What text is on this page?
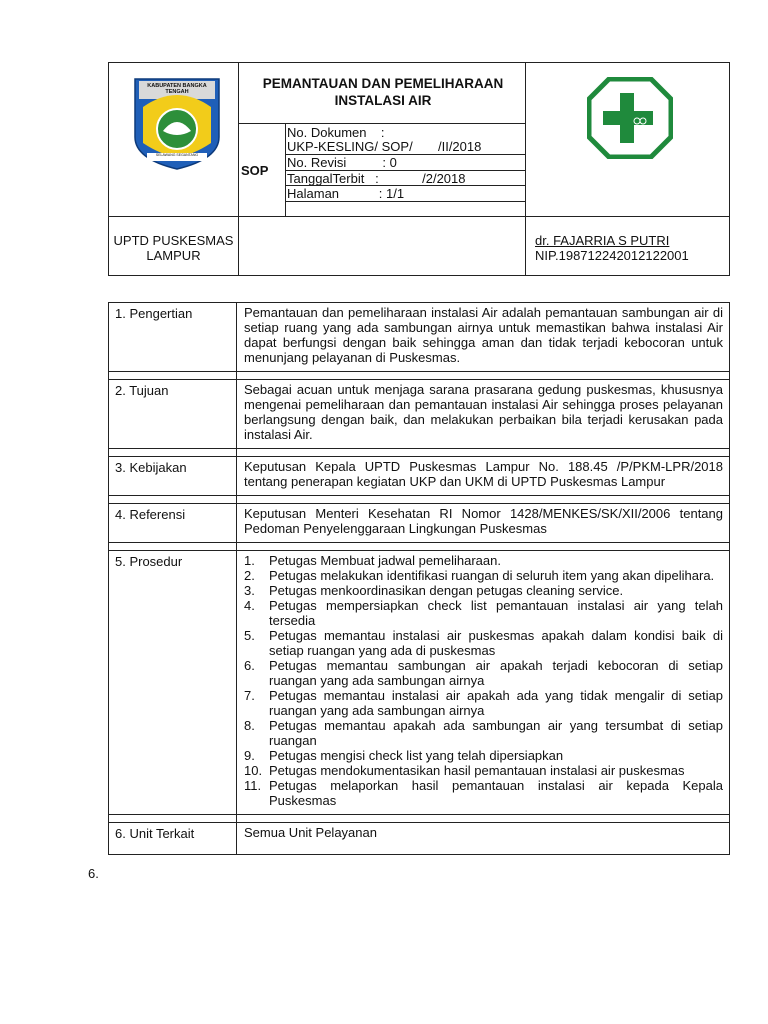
KABUPATEN BANGKA TENGAH
SELAWANG SEGANTANG
PEMANTAUAN DAN PEMELIHARAAN INSTALASI AIR
SOP
No. Dokumen    :
UKP-KESLING/ SOP/       /II/2018
No. Revisi          : 0
TanggalTerbit   :            /2/2018
Halaman           : 1/1
UPTD PUSKESMAS LAMPUR
dr. FAJARRIA S PUTRI
NIP.198712242012122001
1. Pengertian	Pemantauan dan pemeliharaan instalasi Air adalah pemantauan sambungan air di setiap ruang yang ada sambungan airnya untuk memastikan bahwa instalasi Air dapat berfungsi dengan baik sehingga aman dan tidak terjadi kebocoran untuk menunjang pelayanan di Puskesmas.
2. Tujuan	Sebagai acuan untuk menjaga sarana prasarana gedung puskesmas, khususnya mengenai pemeliharaan dan pemantauan instalasi Air sehingga proses pelayanan berlangsung dengan baik, dan melakukan perbaikan bila terjadi kerusakan pada instalasi Air.
3. Kebijakan	Keputusan Kepala UPTD Puskesmas Lampur No. 188.45 /P/PKM-LPR/2018 tentang penerapan kegiatan UKP dan UKM di UPTD Puskesmas Lampur
4. Referensi	Keputusan Menteri Kesehatan RI Nomor 1428/MENKES/SK/XII/2006 tentang Pedoman Penyelenggaraan Lingkungan Puskesmas
5. Prosedur	1. Petugas Membuat jadwal pemeliharaan.
2. Petugas melakukan identifikasi ruangan di seluruh item yang akan dipelihara.
3. Petugas menkoordinasikan dengan petugas cleaning service.
4. Petugas mempersiapkan check list pemantauan instalasi air yang telah tersedia
5. Petugas memantau instalasi air puskesmas apakah dalam kondisi baik di setiap ruangan yang ada di puskesmas
6. Petugas memantau sambungan air apakah terjadi kebocoran di setiap ruangan yang ada sambungan airnya
7. Petugas memantau instalasi air apakah ada yang tidak mengalir di setiap ruangan yang ada sambungan airnya
8. Petugas memantau apakah ada sambungan air yang tersumbat di setiap ruangan
9. Petugas mengisi check list yang telah dipersiapkan
10. Petugas mendokumentasikan hasil pemantauan instalasi air puskesmas
11. Petugas melaporkan hasil pemantauan instalasi air kepada Kepala Puskesmas
6. Unit Terkait	Semua Unit Pelayanan
6.
